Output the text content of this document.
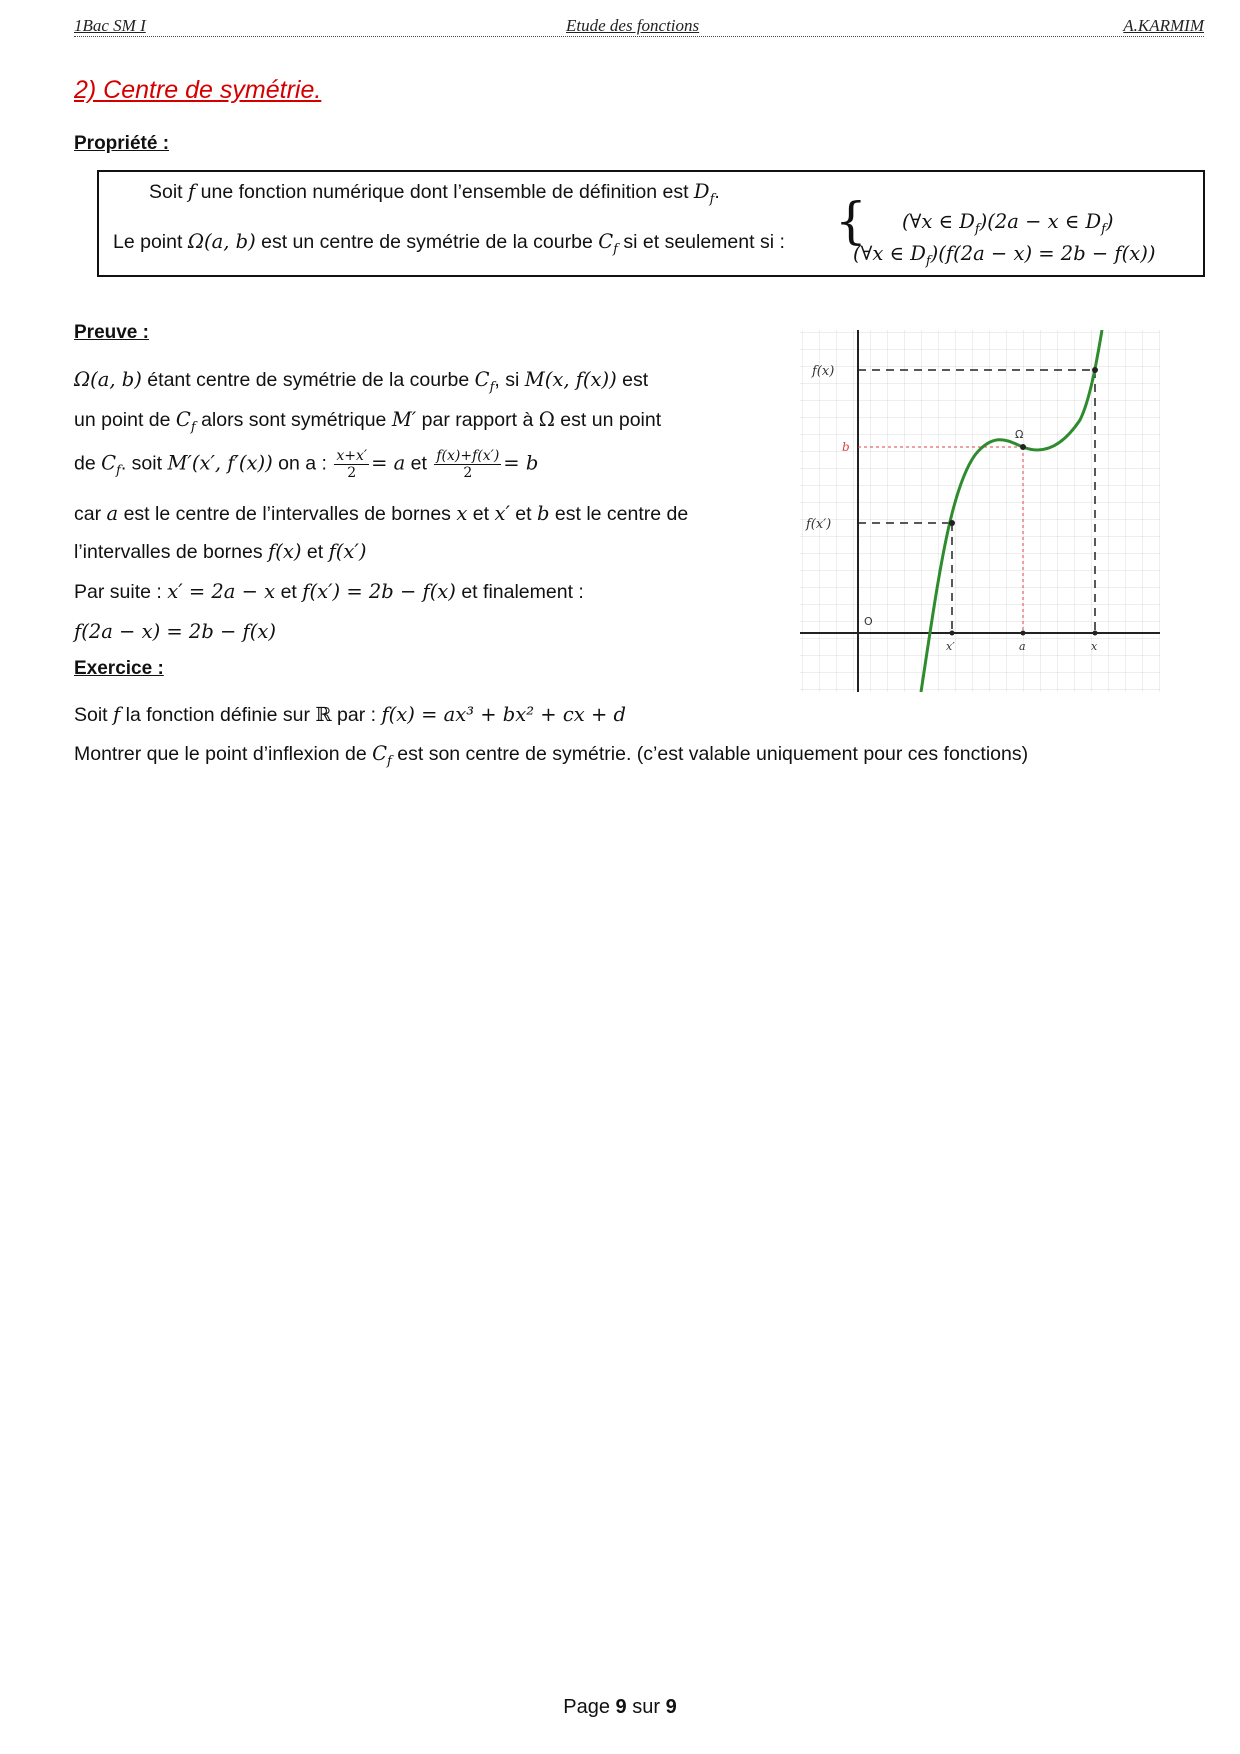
1Bac SM I	Etude des fonctions	A.KARMIM
2) Centre de symétrie.
Propriété :
Soit f une fonction numérique dont l’ensemble de définition est $D_f$.
Le point Ω(a, b) est un centre de symétrie de la courbe $C_f$ si et seulement si : { (∀x ∈ $D_f)(2a - x$ ∈ $D_f$)
(∀x ∈ $D_f)(f(2a - x) = 2b - f(x))$
Preuve :
Ω(a, b) étant centre de symétrie de la courbe $C_f$, si M(x, f(x)) est
un point de $C_f$ alors sont symétrique M′ par rapport à Ω est un point
de $C_f$. soit M′(x′, f′(x)) on a : $\frac{x+x'}{2} = a$ et $\frac{f(x)+f(x')}{2} = b$
car a est le centre de l’intervalles de bornes x et x′ et b est le centre de
l’intervalles de bornes f(x) et f(x′)
Par suite : x′ = 2a − x et f(x′) = 2b − f(x) et finalement :
f(2a − x) = 2b − f(x)
f(x)
b
f(x′)
O
Ω
x′	a	x
Exercice :
Soit f la fonction définie sur ℝ par : f(x) = ax³ + bx² + cx + d
Montrer que le point d’inflexion de $C_f$ est son centre de symétrie. (c’est valable uniquement pour ces fonctions)
Page 9 sur 9
